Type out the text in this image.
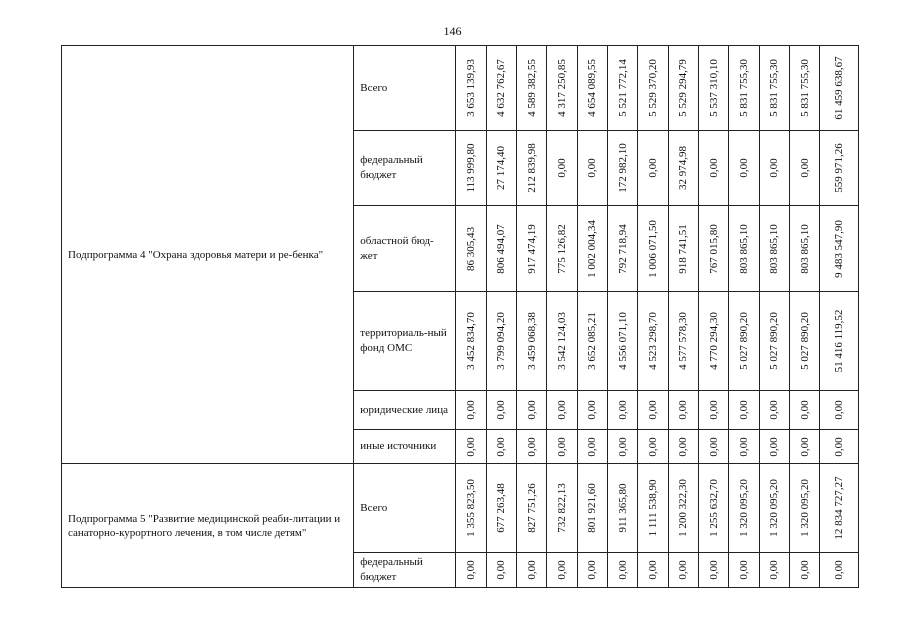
146
Подпрограмма 4 "Охрана здоровья матери и ре-бенка"	Всего	3 653 139,93	4 632 762,67	4 589 382,55	4 317 250,85	4 654 089,55	5 521 772,14	5 529 370,20	5 529 294,79	5 537 310,10	5 831 755,30	5 831 755,30	5 831 755,30	61 459 638,67

	федеральный бюджет	113 999,80	27 174,40	212 839,98	0,00	0,00	172 982,10	0,00	32 974,98	0,00	0,00	0,00	0,00	559 971,26

	областной бюд-жет	86 305,43	806 494,07	917 474,19	775 126,82	1 002 004,34	792 718,94	1 006 071,50	918 741,51	767 015,80	803 865,10	803 865,10	803 865,10	9 483 547,90

	территориаль-ный фонд ОМС	3 452 834,70	3 799 094,20	3 459 068,38	3 542 124,03	3 652 085,21	4 556 071,10	4 523 298,70	4 577 578,30	4 770 294,30	5 027 890,20	5 027 890,20	5 027 890,20	51 416 119,52

	юридические лица	0,00	0,00	0,00	0,00	0,00	0,00	0,00	0,00	0,00	0,00	0,00	0,00	0,00

	иные источники	0,00	0,00	0,00	0,00	0,00	0,00	0,00	0,00	0,00	0,00	0,00	0,00	0,00

Подпрограмма 5 "Развитие медицинской реаби-литации и санаторно-курортного лечения, в том числе детям"	Всего	1 355 823,50	677 263,48	827 751,26	732 822,13	801 921,60	911 365,80	1 111 538,90	1 200 322,30	1 255 632,70	1 320 095,20	1 320 095,20	1 320 095,20	12 834 727,27

	федеральный бюджет	0,00	0,00	0,00	0,00	0,00	0,00	0,00	0,00	0,00	0,00	0,00	0,00	0,00
